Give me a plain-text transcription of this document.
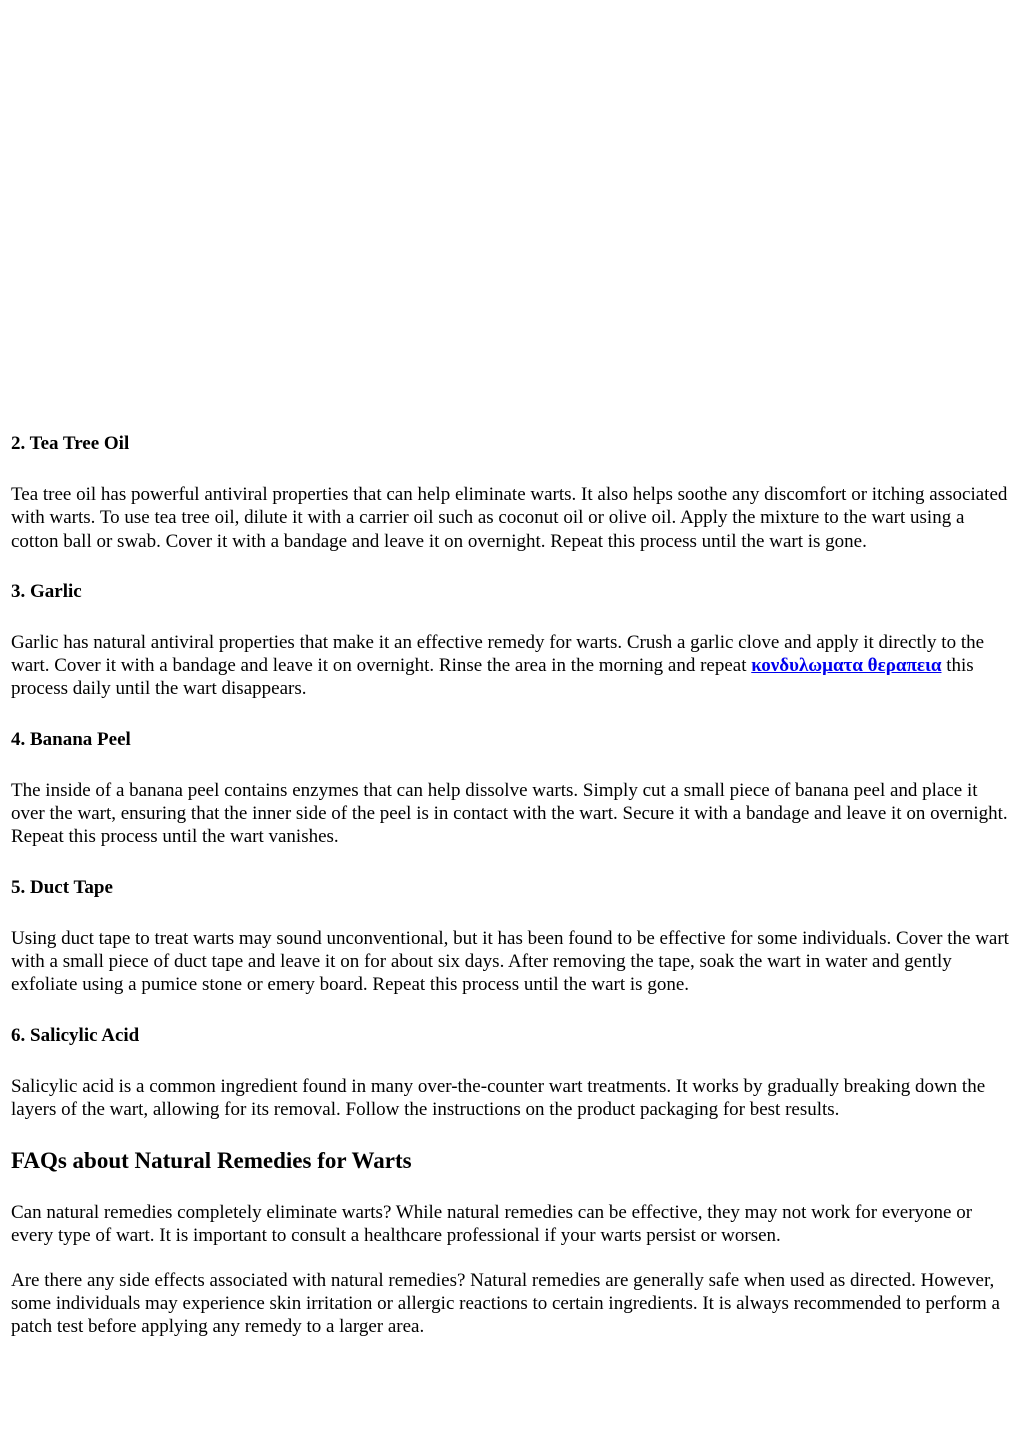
2. Tea Tree Oil

Tea tree oil has powerful antiviral properties that can help eliminate warts. It also helps soothe any discomfort or itching associated with warts. To use tea tree oil, dilute it with a carrier oil such as coconut oil or olive oil. Apply the mixture to the wart using a cotton ball or swab. Cover it with a bandage and leave it on overnight. Repeat this process until the wart is gone.

3. Garlic

Garlic has natural antiviral properties that make it an effective remedy for warts. Crush a garlic clove and apply it directly to the wart. Cover it with a bandage and leave it on overnight. Rinse the area in the morning and repeat κονδυλωματα θεραπεια this process daily until the wart disappears.

4. Banana Peel

The inside of a banana peel contains enzymes that can help dissolve warts. Simply cut a small piece of banana peel and place it over the wart, ensuring that the inner side of the peel is in contact with the wart. Secure it with a bandage and leave it on overnight. Repeat this process until the wart vanishes.

5. Duct Tape

Using duct tape to treat warts may sound unconventional, but it has been found to be effective for some individuals. Cover the wart with a small piece of duct tape and leave it on for about six days. After removing the tape, soak the wart in water and gently exfoliate using a pumice stone or emery board. Repeat this process until the wart is gone.

6. Salicylic Acid

Salicylic acid is a common ingredient found in many over-the-counter wart treatments. It works by gradually breaking down the layers of the wart, allowing for its removal. Follow the instructions on the product packaging for best results.

FAQs about Natural Remedies for Warts

Can natural remedies completely eliminate warts? While natural remedies can be effective, they may not work for everyone or every type of wart. It is important to consult a healthcare professional if your warts persist or worsen.

Are there any side effects associated with natural remedies? Natural remedies are generally safe when used as directed. However, some individuals may experience skin irritation or allergic reactions to certain ingredients. It is always recommended to perform a patch test before applying any remedy to a larger area.
